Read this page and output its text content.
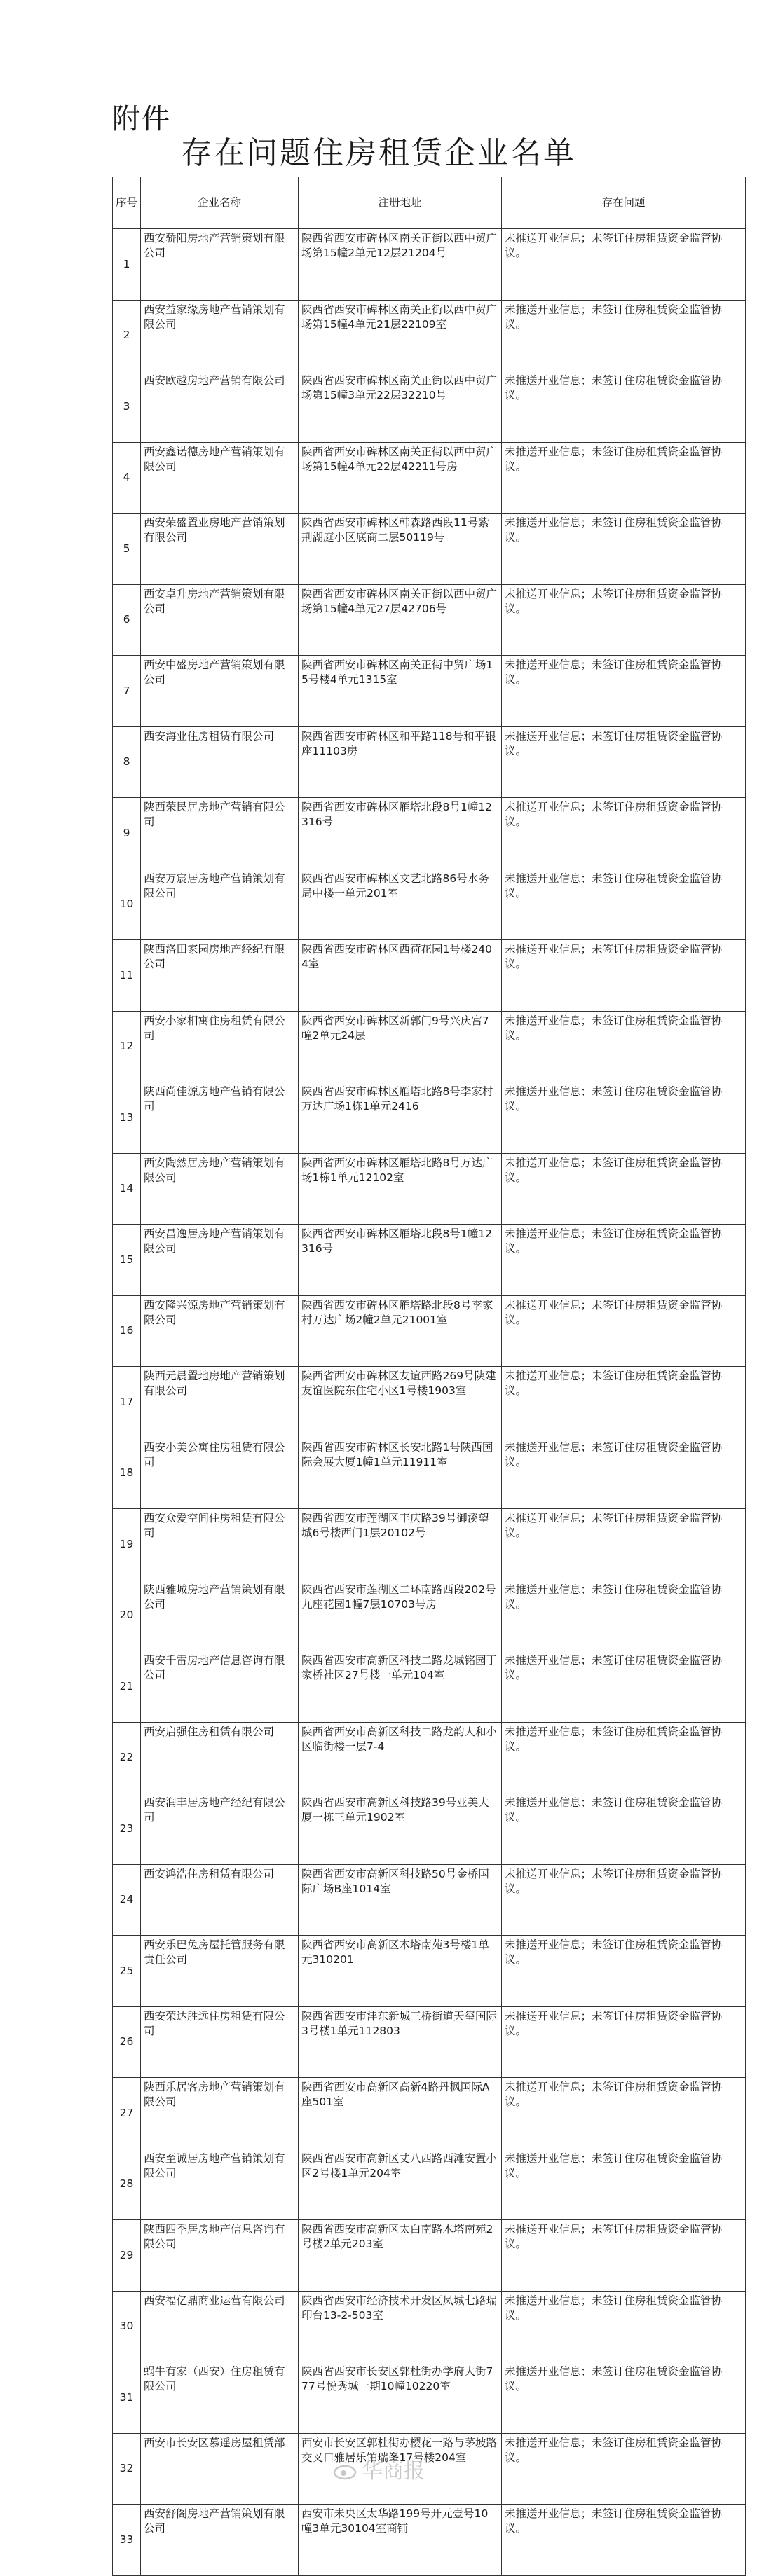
附件
存在问题住房租赁企业名单
序号	企业名称	注册地址	存在问题
1	西安骄阳房地产营销策划有限公司	陕西省西安市碑林区南关正街以西中贸广场第15幢2单元12层21204号	未推送开业信息；未签订住房租赁资金监管协议。
2	西安益家缘房地产营销策划有限公司	陕西省西安市碑林区南关正街以西中贸广场第15幢4单元21层22109室	未推送开业信息；未签订住房租赁资金监管协议。
3	西安欧越房地产营销有限公司	陕西省西安市碑林区南关正街以西中贸广场第15幢3单元22层32210号	未推送开业信息；未签订住房租赁资金监管协议。
4	西安鑫诺德房地产营销策划有限公司	陕西省西安市碑林区南关正街以西中贸广场第15幢4单元22层42211号房	未推送开业信息；未签订住房租赁资金监管协议。
5	西安荣盛置业房地产营销策划有限公司	陕西省西安市碑林区韩森路西段11号紫荆湖庭小区底商二层50119号	未推送开业信息；未签订住房租赁资金监管协议。
6	西安卓升房地产营销策划有限公司	陕西省西安市碑林区南关正街以西中贸广场第15幢4单元27层42706号	未推送开业信息；未签订住房租赁资金监管协议。
7	西安中盛房地产营销策划有限公司	陕西省西安市碑林区南关正街中贸广场15号楼4单元1315室	未推送开业信息；未签订住房租赁资金监管协议。
8	西安海业住房租赁有限公司	陕西省西安市碑林区和平路118号和平银座11103房	未推送开业信息；未签订住房租赁资金监管协议。
9	陕西荣民居房地产营销有限公司	陕西省西安市碑林区雁塔北段8号1幢12316号	未推送开业信息；未签订住房租赁资金监管协议。
10	西安万宸居房地产营销策划有限公司	陕西省西安市碑林区文艺北路86号水务局中楼一单元201室	未推送开业信息；未签订住房租赁资金监管协议。
11	陕西洛田家园房地产经纪有限公司	陕西省西安市碑林区西荷花园1号楼2404室	未推送开业信息；未签订住房租赁资金监管协议。
12	西安小家相寓住房租赁有限公司	陕西省西安市碑林区新郭门9号兴庆宫7幢2单元24层	未推送开业信息；未签订住房租赁资金监管协议。
13	陕西尚佳源房地产营销有限公司	陕西省西安市碑林区雁塔北路8号李家村万达广场1栋1单元2416	未推送开业信息；未签订住房租赁资金监管协议。
14	西安陶然居房地产营销策划有限公司	陕西省西安市碑林区雁塔北路8号万达广场1栋1单元12102室	未推送开业信息；未签订住房租赁资金监管协议。
15	西安昌逸居房地产营销策划有限公司	陕西省西安市碑林区雁塔北段8号1幢12316号	未推送开业信息；未签订住房租赁资金监管协议。
16	西安隆兴源房地产营销策划有限公司	陕西省西安市碑林区雁塔路北段8号李家村万达广场2幢2单元21001室	未推送开业信息；未签订住房租赁资金监管协议。
17	陕西元晨置地房地产营销策划有限公司	陕西省西安市碑林区友谊西路269号陕建友谊医院东住宅小区1号楼1903室	未推送开业信息；未签订住房租赁资金监管协议。
18	西安小美公寓住房租赁有限公司	陕西省西安市碑林区长安北路1号陕西国际会展大厦1幢1单元11911室	未推送开业信息；未签订住房租赁资金监管协议。
19	西安众爱空间住房租赁有限公司	陕西省西安市莲湖区丰庆路39号御溪望城6号楼西门1层20102号	未推送开业信息；未签订住房租赁资金监管协议。
20	陕西雅城房地产营销策划有限公司	陕西省西安市莲湖区二环南路西段202号九座花园1幢7层10703号房	未推送开业信息；未签订住房租赁资金监管协议。
21	西安千雷房地产信息咨询有限公司	陕西省西安市高新区科技二路龙城铭园丁家桥社区27号楼一单元104室	未推送开业信息；未签订住房租赁资金监管协议。
22	西安启强住房租赁有限公司	陕西省西安市高新区科技二路龙韵人和小区临街楼一层7-4	未推送开业信息；未签订住房租赁资金监管协议。
23	西安润丰居房地产经纪有限公司	陕西省西安市高新区科技路39号亚美大厦一栋三单元1902室	未推送开业信息；未签订住房租赁资金监管协议。
24	西安鸿浩住房租赁有限公司	陕西省西安市高新区科技路50号金桥国际广场B座1014室	未推送开业信息；未签订住房租赁资金监管协议。
25	西安乐巴兔房屋托管服务有限责任公司	陕西省西安市高新区木塔南苑3号楼1单元310201	未推送开业信息；未签订住房租赁资金监管协议。
26	西安荣达胜远住房租赁有限公司	陕西省西安市沣东新城三桥街道天玺国际3号楼1单元112803	未推送开业信息；未签订住房租赁资金监管协议。
27	陕西乐居客房地产营销策划有限公司	陕西省西安市高新区高新4路丹枫国际A座501室	未推送开业信息；未签订住房租赁资金监管协议。
28	西安至诚居房地产营销策划有限公司	陕西省西安市高新区丈八西路西滩安置小区2号楼1单元204室	未推送开业信息；未签订住房租赁资金监管协议。
29	陕西四季居房地产信息咨询有限公司	陕西省西安市高新区太白南路木塔南苑2号楼2单元203室	未推送开业信息；未签订住房租赁资金监管协议。
30	西安福亿鼎商业运营有限公司	陕西省西安市经济技术开发区凤城七路瑞印台13-2-503室	未推送开业信息；未签订住房租赁资金监管协议。
31	蜗牛有家（西安）住房租赁有限公司	陕西省西安市长安区郭杜街办学府大街777号悦秀城一期10幢10220室	未推送开业信息；未签订住房租赁资金监管协议。
32	西安市长安区慕遥房屋租赁部	西安市长安区郭杜街办樱花一路与茅坡路交叉口雅居乐铂瑞峯17号楼204室	未推送开业信息；未签订住房租赁资金监管协议。
33	西安舒阁房地产营销策划有限公司	西安市未央区太华路199号开元壹号10幢3单元30104室商铺	未推送开业信息；未签订住房租赁资金监管协议。
华商报
